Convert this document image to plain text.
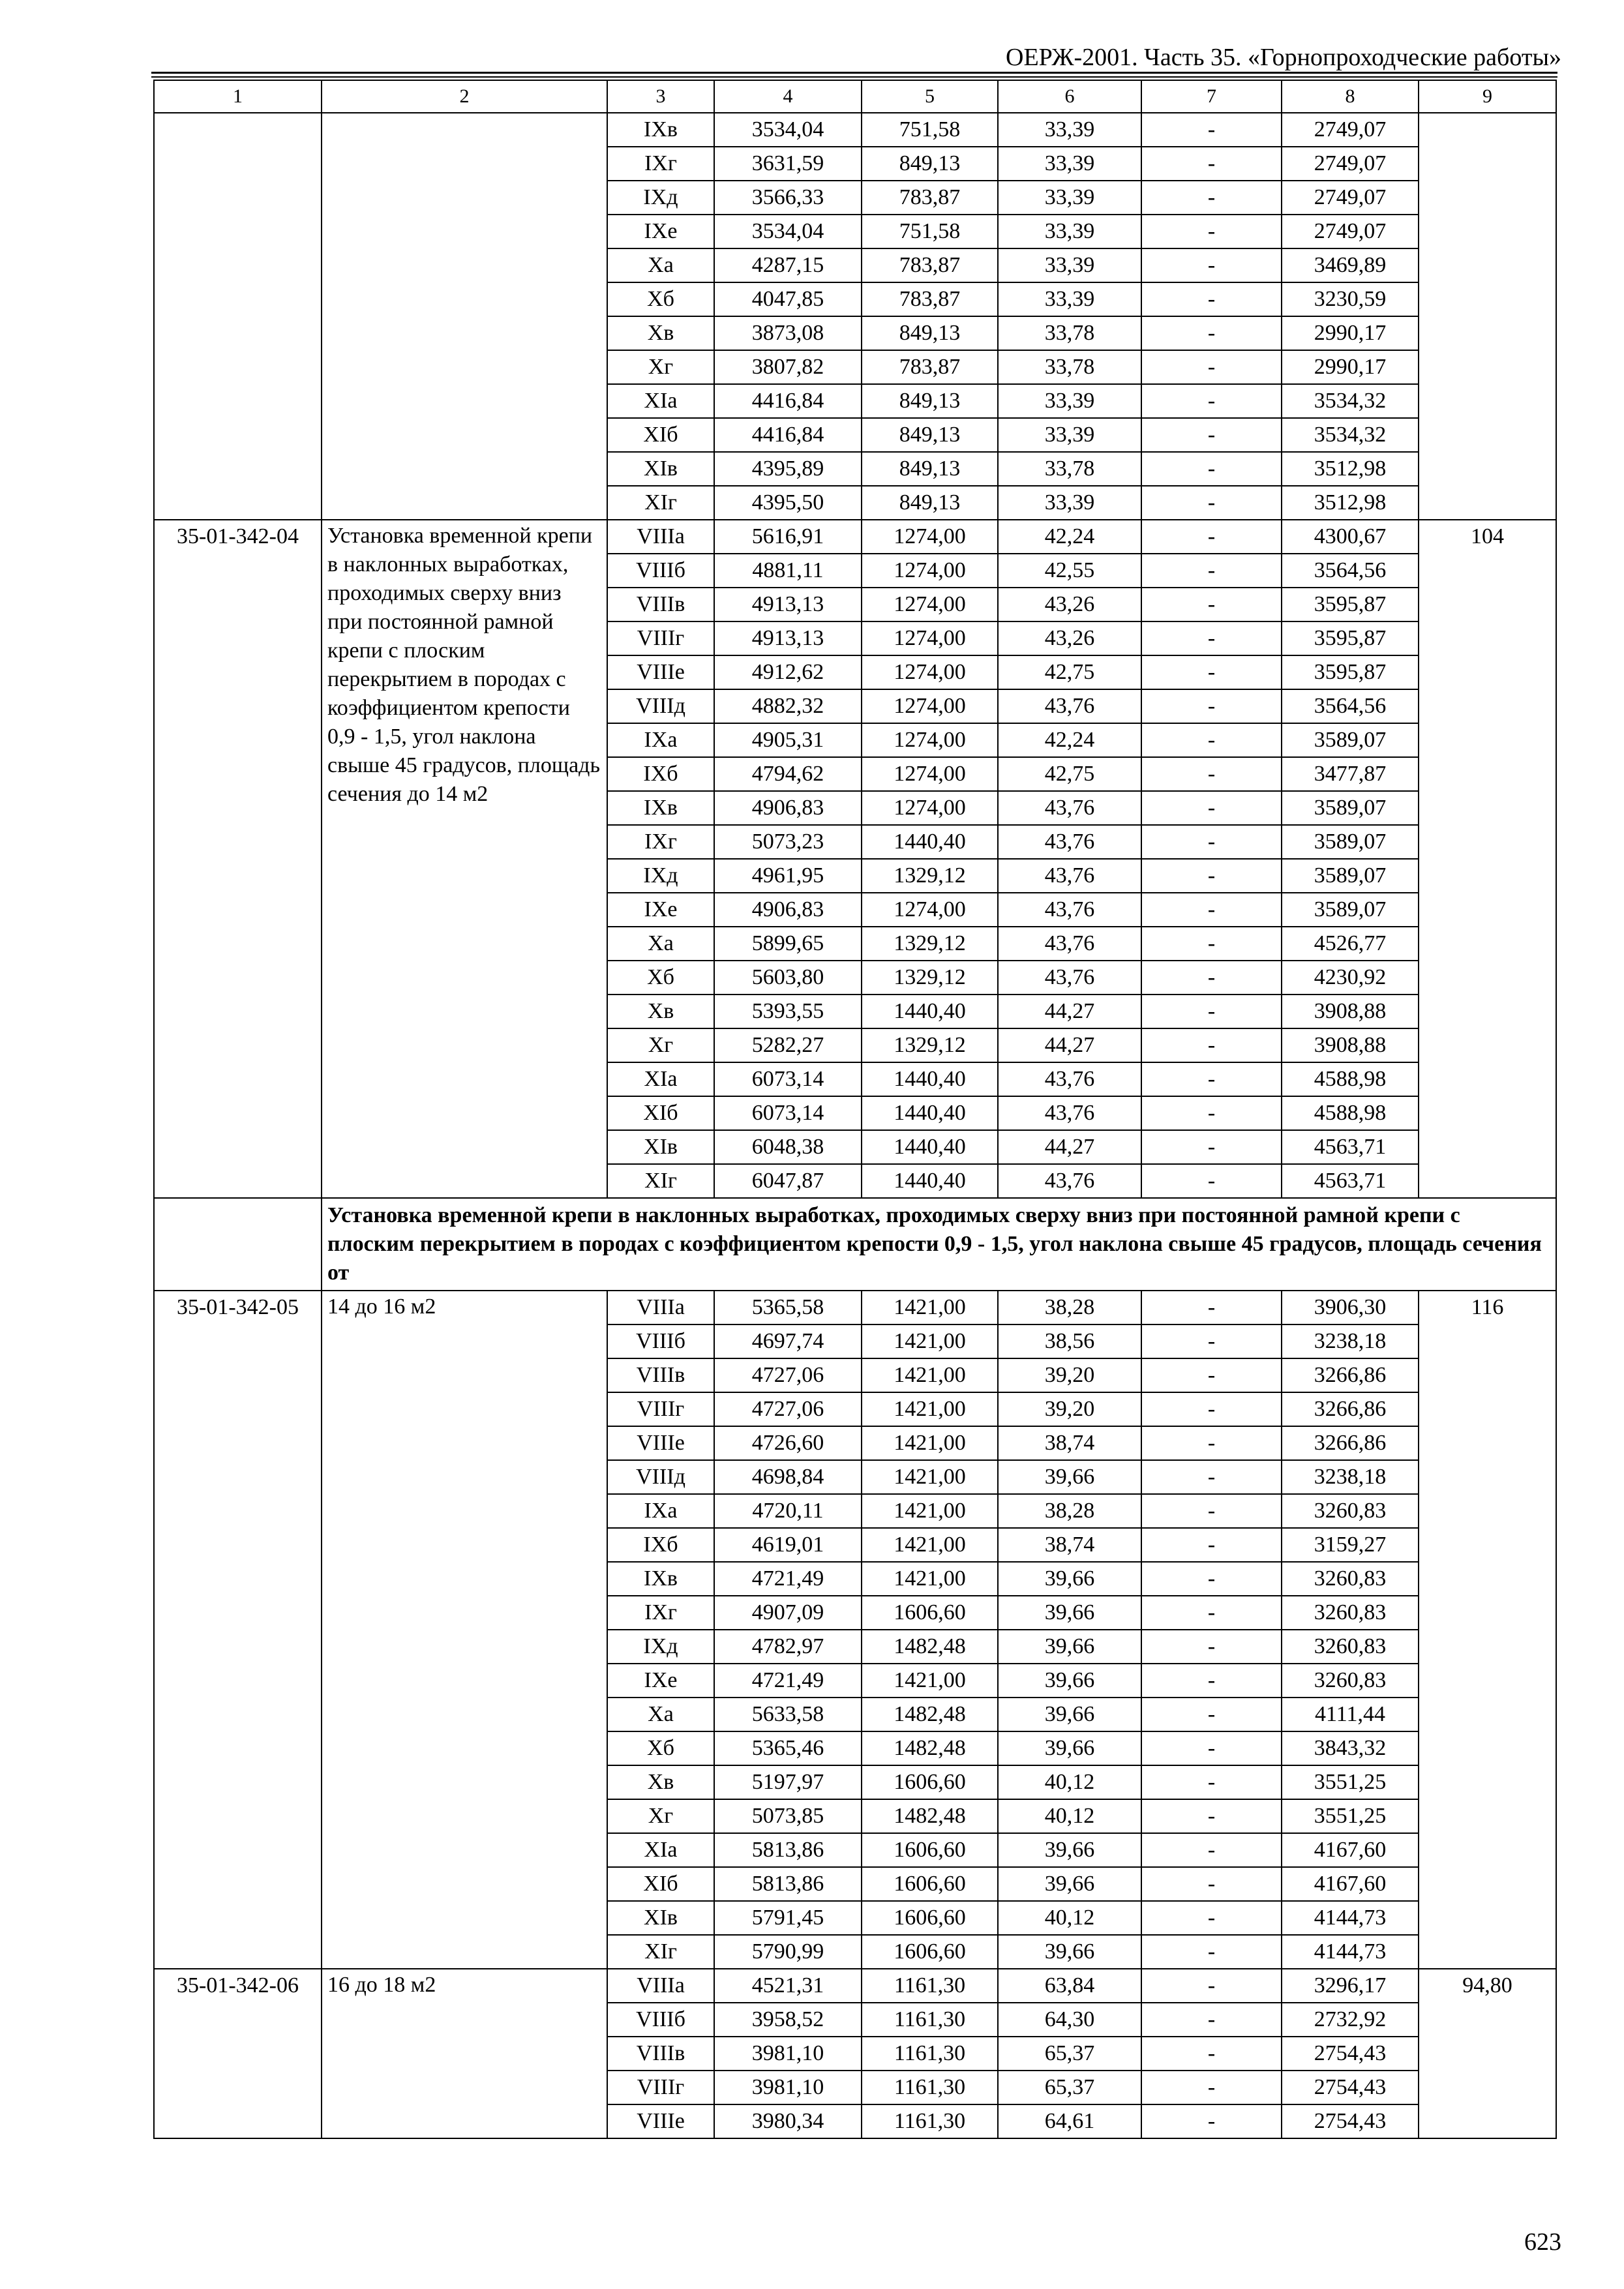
ОЕРЖ-2001. Часть 35. «Горнопроходческие работы»
1	2	3	4	5	6	7	8	9
		IXв	3534,04	751,58	33,39	-	2749,07	
		IXг	3631,59	849,13	33,39	-	2749,07	
		IXд	3566,33	783,87	33,39	-	2749,07	
		IXе	3534,04	751,58	33,39	-	2749,07	
		Xа	4287,15	783,87	33,39	-	3469,89	
		Xб	4047,85	783,87	33,39	-	3230,59	
		Xв	3873,08	849,13	33,78	-	2990,17	
		Xг	3807,82	783,87	33,78	-	2990,17	
		XIа	4416,84	849,13	33,39	-	3534,32	
		XIб	4416,84	849,13	33,39	-	3534,32	
		XIв	4395,89	849,13	33,78	-	3512,98	
		XIг	4395,50	849,13	33,39	-	3512,98	
35-01-342-04	Установка временной крепи в наклонных выработках, проходимых сверху вниз при постоянной рамной крепи с плоским перекрытием в породах с коэффициентом крепости 0,9 - 1,5, угол наклона свыше 45 градусов, площадь сечения до 14 м2	VIIIа	5616,91	1274,00	42,24	-	4300,67	104
		VIIIб	4881,11	1274,00	42,55	-	3564,56	
		VIIIв	4913,13	1274,00	43,26	-	3595,87	
		VIIIг	4913,13	1274,00	43,26	-	3595,87	
		VIIIе	4912,62	1274,00	42,75	-	3595,87	
		VIIIд	4882,32	1274,00	43,76	-	3564,56	
		IXа	4905,31	1274,00	42,24	-	3589,07	
		IXб	4794,62	1274,00	42,75	-	3477,87	
		IXв	4906,83	1274,00	43,76	-	3589,07	
		IXг	5073,23	1440,40	43,76	-	3589,07	
		IXд	4961,95	1329,12	43,76	-	3589,07	
		IXе	4906,83	1274,00	43,76	-	3589,07	
		Xа	5899,65	1329,12	43,76	-	4526,77	
		Xб	5603,80	1329,12	43,76	-	4230,92	
		Xв	5393,55	1440,40	44,27	-	3908,88	
		Xг	5282,27	1329,12	44,27	-	3908,88	
		XIа	6073,14	1440,40	43,76	-	4588,98	
		XIб	6073,14	1440,40	43,76	-	4588,98	
		XIв	6048,38	1440,40	44,27	-	4563,71	
		XIг	6047,87	1440,40	43,76	-	4563,71	
	Установка временной крепи в наклонных выработках, проходимых сверху вниз при постоянной рамной крепи с плоским перекрытием в породах с коэффициентом крепости 0,9 - 1,5, угол наклона свыше 45 градусов, площадь сечения от							
35-01-342-05	14 до 16 м2	VIIIа	5365,58	1421,00	38,28	-	3906,30	116
		VIIIб	4697,74	1421,00	38,56	-	3238,18	
		VIIIв	4727,06	1421,00	39,20	-	3266,86	
		VIIIг	4727,06	1421,00	39,20	-	3266,86	
		VIIIе	4726,60	1421,00	38,74	-	3266,86	
		VIIIд	4698,84	1421,00	39,66	-	3238,18	
		IXа	4720,11	1421,00	38,28	-	3260,83	
		IXб	4619,01	1421,00	38,74	-	3159,27	
		IXв	4721,49	1421,00	39,66	-	3260,83	
		IXг	4907,09	1606,60	39,66	-	3260,83	
		IXд	4782,97	1482,48	39,66	-	3260,83	
		IXе	4721,49	1421,00	39,66	-	3260,83	
		Xа	5633,58	1482,48	39,66	-	4111,44	
		Xб	5365,46	1482,48	39,66	-	3843,32	
		Xв	5197,97	1606,60	40,12	-	3551,25	
		Xг	5073,85	1482,48	40,12	-	3551,25	
		XIа	5813,86	1606,60	39,66	-	4167,60	
		XIб	5813,86	1606,60	39,66	-	4167,60	
		XIв	5791,45	1606,60	40,12	-	4144,73	
		XIг	5790,99	1606,60	39,66	-	4144,73	
35-01-342-06	16 до 18 м2	VIIIа	4521,31	1161,30	63,84	-	3296,17	94,80
		VIIIб	3958,52	1161,30	64,30	-	2732,92	
		VIIIв	3981,10	1161,30	65,37	-	2754,43	
		VIIIг	3981,10	1161,30	65,37	-	2754,43	
		VIIIе	3980,34	1161,30	64,61	-	2754,43	
623
